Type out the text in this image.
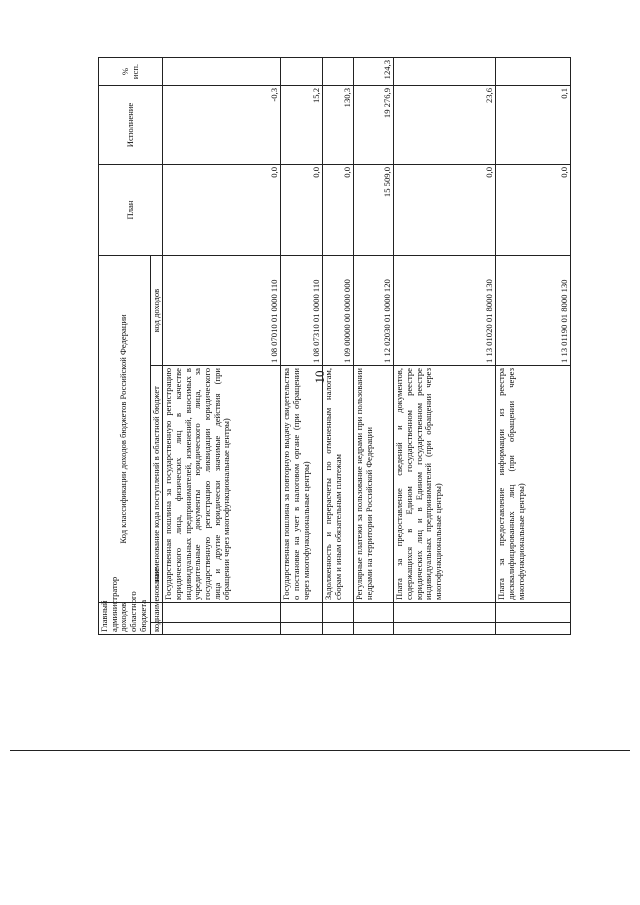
10
Главный администратор доходов областного бюджета		Код классификации доходов бюджетов Российской Федерации		План	Исполнение	% исп.
код	наименование	наименование кода поступлений в областной бюджет	код доходов			
		Государственная пошлина за государственную регистрацию юридического лица, физических лиц в качестве индивидуальных предпринимателей, изменений, вносимых в учредительные документы юридического лица, за государственную регистрацию ликвидации юридического лица и другие юридически значимые действия (при обращении через многофункциональные центры)	1 08 07010 01 0000 110	0,0	-0,3	
		Государственная пошлина за повторную выдачу свидетельства о постановке на учет в налоговом органе (при обращении через многофункциональные центры)	1 08 07310 01 0000 110	0,0	15,2	
		Задолженность и перерасчеты по отмененным налогам, сборам и иным обязательным платежам	1 09 00000 00 0000 000	0,0	130,3	
		Регулярные платежи за пользование недрами при пользовании недрами на территории Российской Федерации	1 12 02030 01 0000 120	15 509,0	19 276,9	124,3
		Плата за предоставление сведений и документов, содержащихся в Едином государственном реестре юридических лиц и в Едином государственном реестре индивидуальных предпринимателей (при обращении через многофункциональные центры)	1 13 01020 01 8000 130	0,0	23,6	
		Плата за предоставление информации из реестра дисквалифицированных лиц (при обращении через многофункциональные центры)	1 13 01190 01 8000 130	0,0	0,1	
